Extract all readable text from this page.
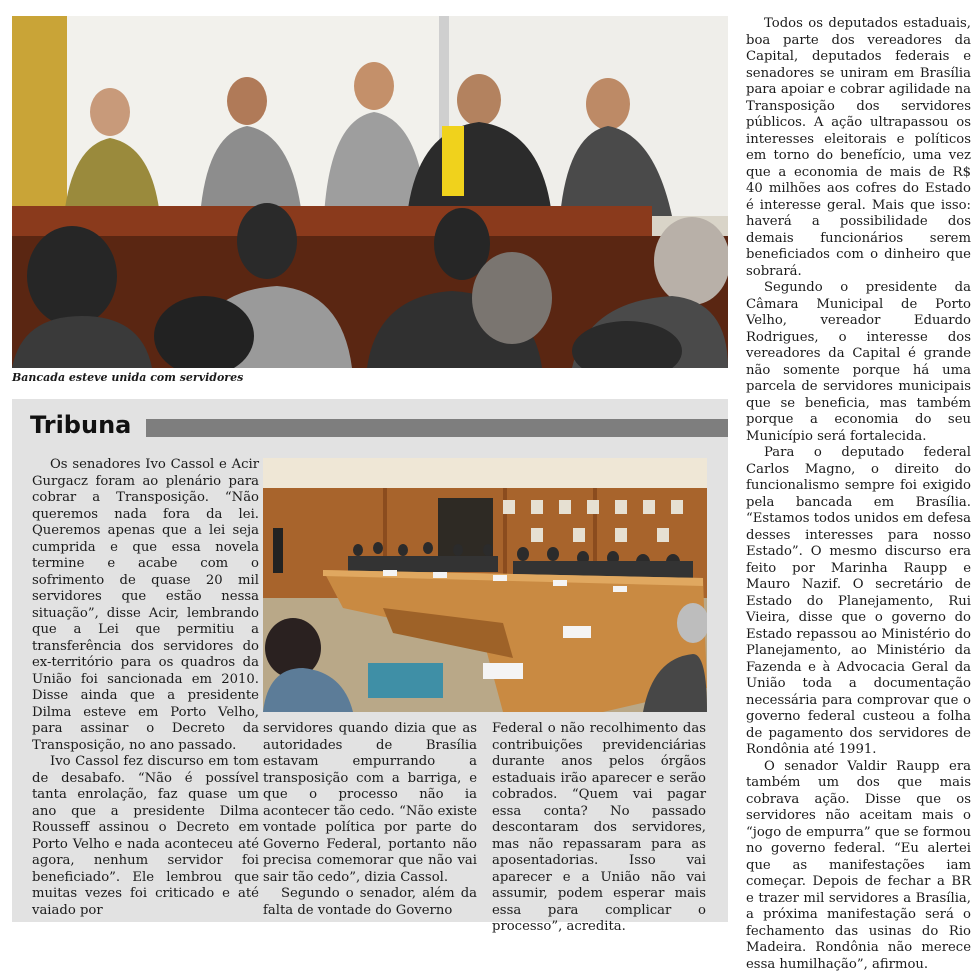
Bancada esteve unida com servidores
Tribuna

Os senadores Ivo Cassol e Acir Gurgacz foram ao plenário para cobrar a Transposição. “Não queremos nada fora da lei. Queremos apenas que a lei seja cumprida e que essa novela termine e acabe com o sofrimento de quase 20 mil servidores que estão nessa situação”, disse Acir, lembrando que a Lei que permitiu a transferência dos servidores do ex-território para os quadros da União foi sancionada em 2010. Disse ainda que a presidente Dilma esteve em Porto Velho, para assinar o Decreto da Transposição, no ano passado.

Ivo Cassol fez discurso em tom de desabafo. “Não é possível tanta enrolação, faz quase um ano que a presidente Dilma Rousseff assinou o Decreto em Porto Velho e nada aconteceu até agora, nenhum servidor foi beneficiado”. Ele lembrou que muitas vezes foi criticado e até vaiado por

servidores quando dizia que as autoridades de Brasília estavam empurrando a transposição com a barriga, e que o processo não ia acontecer tão cedo. “Não existe vontade política por parte do Governo Federal, portanto não precisa comemorar que não vai sair tão cedo”, dizia Cassol.

Segundo o senador, além da falta de vontade do Governo

Federal o não recolhimento das contribuições previdenciárias durante anos pelos órgãos estaduais irão aparecer e serão cobrados. “Quem vai pagar essa conta? No passado descontaram dos servidores, mas não repassaram para as aposentadorias. Isso vai aparecer e a União não vai assumir, podem esperar mais essa para complicar o processo”, acredita.

Todos os deputados estaduais, boa parte dos vereadores da Capital, deputados federais e senadores se uniram em Brasília para apoiar e cobrar agilidade na Transposição dos servidores públicos. A ação ultrapassou os interesses eleitorais e políticos em torno do benefício, uma vez que a economia de mais de R$ 40 milhões aos cofres do Estado é interesse geral. Mais que isso: haverá a possibilidade dos demais funcionários serem beneficiados com o dinheiro que sobrará.

Segundo o presidente da Câmara Municipal de Porto Velho, vereador Eduardo Rodrigues, o interesse dos vereadores da Capital é grande não somente porque há uma parcela de servidores municipais que se beneficia, mas também porque a economia do seu Município será fortalecida.

Para o deputado federal Carlos Magno, o direito do funcionalismo sempre foi exigido pela bancada em Brasília. “Estamos todos unidos em defesa desses interesses para nosso Estado”. O mesmo discurso era feito por Marinha Raupp e Mauro Nazif. O secretário de Estado do Planejamento, Rui Vieira, disse que o governo do Estado repassou ao Ministério do Planejamento, ao Ministério da Fazenda e à Advocacia Geral da União toda a documentação necessária para comprovar que o governo federal custeou a folha de pagamento dos servidores de Rondônia até 1991.

O senador Valdir Raupp era também um dos que mais cobrava ação. Disse que os servidores não aceitam mais o “jogo de empurra” que se formou no governo federal. “Eu alertei que as manifestações iam começar. Depois de fechar a BR e trazer mil servidores a Brasília, a próxima manifestação será o fechamento das usinas do Rio Madeira. Rondônia não merece essa humilhação”, afirmou.
